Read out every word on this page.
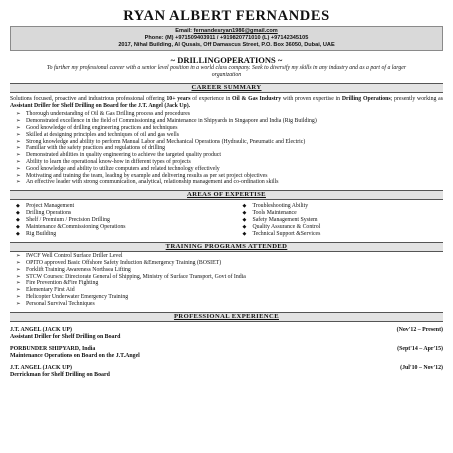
RYAN ALBERT FERNANDES
Email: fernandesryan1986@gmail.com
Phone: (M) +971509403911 / +919820771010 (L) +97142345105
2017, Nihal Building, Al Qusais, Off Damascus Street, P.O. Box 36050, Dubai, UAE
~ DRILLINGOPERATIONS ~
To further my professional career with a senior level position in a world class company. Seek to diversify my skills in any industry and as a part of a larger organization
CAREER SUMMARY
Solutions focused, proactive and industrious professional offering 10+ years of experience in Oil & Gas Industry with proven expertise in Drilling Operations; presently working as Assistant Driller for Shelf Drilling on Board for the J.T. Angel (Jack Up).
➢ Thorough understanding of Oil & Gas Drilling process and procedures
➢ Demonstrated excellence in the field of Commissioning and Maintenance in Shipyards in Singapore and India (Rig Building)
➢ Good knowledge of drilling engineering practices and techniques
➢ Skilled at designing principles and techniques of oil and gas wells
➢ Strong knowledge and ability to perform Manual Labor and Mechanical Operations (Hydraulic, Pneumatic and Electric)
➢ Familiar with the safety practices and regulations of drilling
➢ Demonstrated abilities in quality engineering to achieve the targeted quality product
➢ Ability to learn the operational know-how in different types of projects
➢ Good knowledge and ability to utilize computers and related technology effectively
➢ Motivating and training the team, leading by example and delivering results as per set project objectives
➢ An effective leader with strong communication, analytical, relationship management and co-ordination skills
AREAS OF EXPERTISE
◆ Project Management
◆ Drilling Operations
◆ Shelf / Premium / Precision Drilling
◆ Maintenance &Commissioning Operations
◆ Rig Building
◆ Troubleshooting Ability
◆ Tools Maintenance
◆ Safety Management System
◆ Quality Assurance & Control
◆ Technical Support &Services
TRAINING PROGRAMS ATTENDED
➢ IWCF Well Control Surface Driller Level
➢ OPITO approved Basic Offshore Safety Induction &Emergency Training (BOSIET)
➢ Forklift Training Awareness Northsea Lifting
➢ STCW Courses: Directorate General of Shipping, Ministry of Surface Transport, Govt of India
➢ Fire Prevention &Fire Fighting
➢ Elementary First Aid
➢ Helicopter Underwater Emergency Training
➢ Personal Survival Techniques
PROFESSIONAL EXPERIENCE
J.T. ANGEL (JACK UP)	(Nov'12 – Present)
Assistant Driller for Shelf Drilling on Board
PORBUNDER SHIPYARD, India	(Sept'14 – Apr'15)
Maintenance Operations on Board on the J.T.Angel
J.T. ANGEL (JACK UP)	(Jul'10 – Nov'12)
Derrickman for Shelf Drilling on Board
